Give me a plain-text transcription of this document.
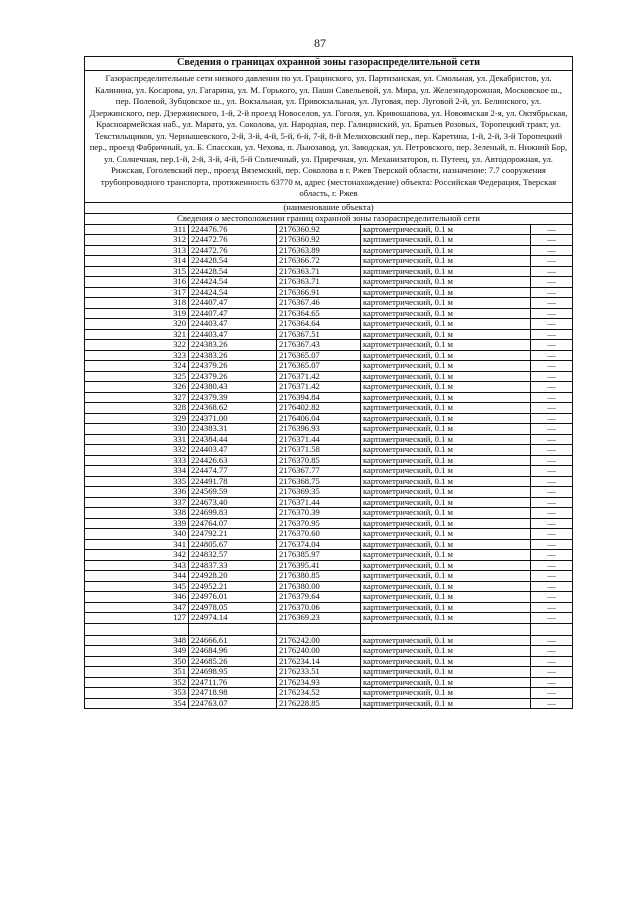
87
Сведения о границах охранной зоны газораспределительной сети				
Газораспределительные сети низкого давления по ул. Грацинского, ул. Партизанская, ул. Смольная, ул. Декабристов, ул. Калинина, ул. Косарова, ул. Гагарина, ул. М. Горького, ул. Паши Савельевой, ул. Мира, ул. Железнодорожная, Московское ш., пер. Полевой, Зубцовское ш., ул. Вокзальная, ул. Привокзальная, ул. Луговая, пер. Луговой 2-й, ул. Белинского, ул. Дзержинского, пер. Дзержинского, 1-й, 2-й проезд Новоселов, ул. Гоголя, ул. Кривошапова, ул. Новоямская 2-я, ул. Октябрьская, Красноармейская наб., ул. Марата, ул. Соколова, ул. Народная, пер. Галицинский, ул. Братьев Розовых, Торопецкий тракт, ул. Текстильщиков, ул. Чернышевского, 2-й, 3-й, 4-й, 5-й, 6-й, 7-й, 8-й Мелиховский пер., пер. Каретина, 1-й, 2-й, 3-й Торопецкий пер., проезд Фабричный, ул. Б. Спасская, ул. Чехова, п. Льнозавод, ул. Заводская, ул. Петровского, пер. Зеленый, п. Нижний Бор, ул. Солнечная, пер.1-й, 2-й, 3-й, 4-й, 5-й Солнечный, ул. Приречная, ул. Механизаторов, п. Путеец, ул. Автодорожная, ул. Рижская, Гоголевский пер., проезд Вяземский, пер. Соколова в г. Ржев Тверской области, назначение: 7.7 сооружения трубопроводного транспорта, протяженность 63770 м, адрес (местонахождение) объекта: Российская Федерация, Тверская область, г. Ржев				
(наименование объекта)				
Сведения о местоположении границ охранной зоны газораспределительной сети				
311	224476.76	2176360.92	картометрический, 0.1 м	—
312	224472.76	2176360.92	картометрический, 0.1 м	—
313	224472.76	2176363.89	картометрический, 0.1 м	—
314	224428.54	2176366.72	картометрический, 0.1 м	—
315	224428.54	2176363.71	картометрический, 0.1 м	—
316	224424.54	2176363.71	картометрический, 0.1 м	—
317	224424.54	2176366.91	картометрический, 0.1 м	—
318	224407.47	2176367.46	картометрический, 0.1 м	—
319	224407.47	2176364.65	картометрический, 0.1 м	—
320	224403.47	2176364.64	картометрический, 0.1 м	—
321	224403.47	2176367.51	картометрический, 0.1 м	—
322	224383.26	2176367.43	картометрический, 0.1 м	—
323	224383.26	2176365.07	картометрический, 0.1 м	—
324	224379.26	2176365.07	картометрический, 0.1 м	—
325	224379.26	2176371.42	картометрический, 0.1 м	—
326	224380.43	2176371.42	картометрический, 0.1 м	—
327	224379.39	2176394.84	картометрический, 0.1 м	—
328	224368.62	2176402.82	картометрический, 0.1 м	—
329	224371.00	2176406.04	картометрический, 0.1 м	—
330	224383.31	2176396.93	картометрический, 0.1 м	—
331	224384.44	2176371.44	картометрический, 0.1 м	—
332	224403.47	2176371.58	картометрический, 0.1 м	—
333	224426.63	2176370.85	картометрический, 0.1 м	—
334	224474.77	2176367.77	картометрический, 0.1 м	—
335	224491.78	2176368.75	картометрический, 0.1 м	—
336	224569.59	2176369.35	картометрический, 0.1 м	—
337	224673.40	2176371.44	картометрический, 0.1 м	—
338	224699.83	2176370.39	картометрический, 0.1 м	—
339	224764.07	2176370.95	картометрический, 0.1 м	—
340	224792.21	2176370.60	картометрический, 0.1 м	—
341	224805.67	2176374.04	картометрический, 0.1 м	—
342	224832.57	2176385.97	картометрический, 0.1 м	—
343	224837.33	2176395.41	картометрический, 0.1 м	—
344	224928.20	2176380.85	картометрический, 0.1 м	—
345	224952.21	2176380.00	картометрический, 0.1 м	—
346	224976.01	2176379.64	картометрический, 0.1 м	—
347	224978.05	2176370.06	картометрический, 0.1 м	—
127	224974.14	2176369.23	картометрический, 0.1 м	—

348	224666.61	2176242.00	картометрический, 0.1 м	—
349	224684.96	2176240.00	картометрический, 0.1 м	—
350	224685.26	2176234.14	картометрический, 0.1 м	—
351	224698.95	2176233.51	картометрический, 0.1 м	—
352	224711.76	2176234.93	картометрический, 0.1 м	—
353	224718.98	2176234.52	картометрический, 0.1 м	—
354	224763.07	2176228.85	картометрический, 0.1 м	—
